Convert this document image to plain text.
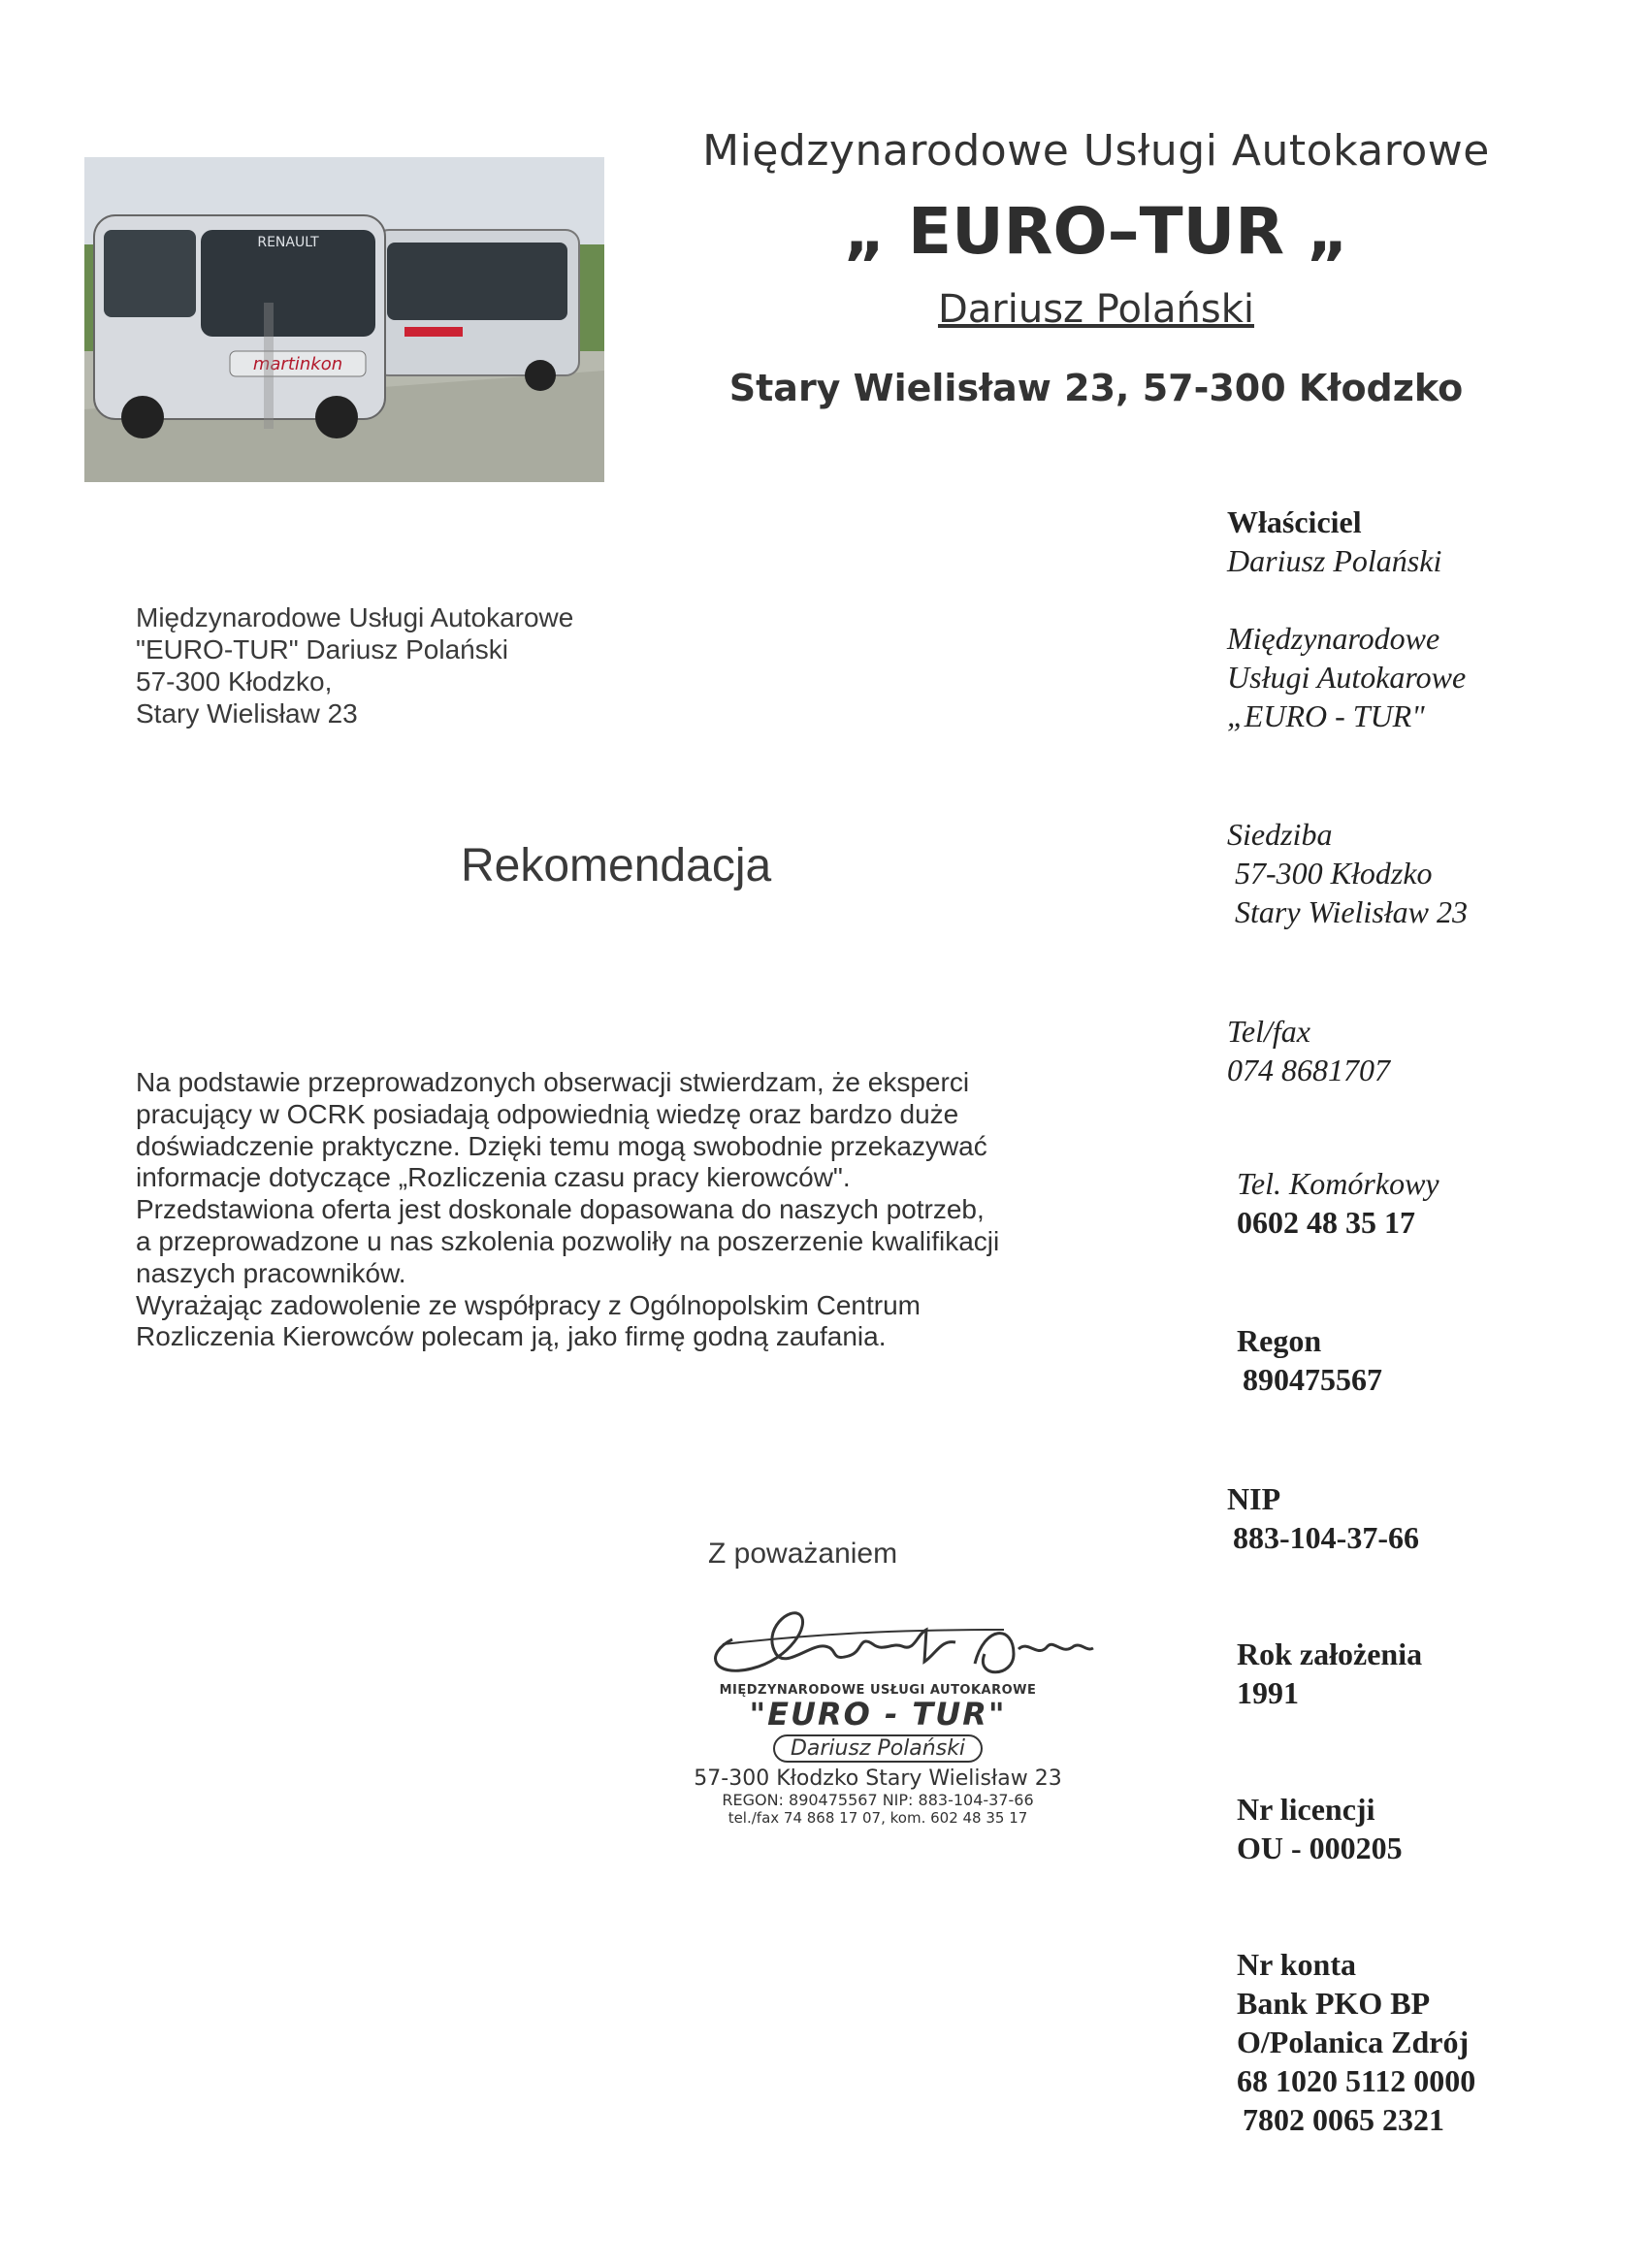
RENAULT
martinkon
Międzynarodowe Usługi Autokarowe
„ EURO–TUR „
Dariusz Polański
Stary Wielisław 23, 57-300 Kłodzko
Międzynarodowe Usługi Autokarowe
"EURO-TUR" Dariusz Polański
57-300 Kłodzko,
Stary Wielisław 23
Rekomendacja
Na podstawie przeprowadzonych obserwacji stwierdzam, że eksperci
pracujący w OCRK posiadają odpowiednią wiedzę oraz bardzo duże
doświadczenie praktyczne. Dzięki temu mogą swobodnie przekazywać
informacje dotyczące „Rozliczenia czasu pracy kierowców".
Przedstawiona oferta jest doskonale dopasowana do naszych potrzeb,
a przeprowadzone u nas szkolenia pozwoliły na poszerzenie kwalifikacji
naszych pracowników.
Wyrażając zadowolenie ze współpracy z Ogólnopolskim Centrum
Rozliczenia Kierowców polecam ją, jako firmę godną zaufania.
Z poważaniem
MIĘDZYNARODOWE USŁUGI AUTOKAROWE
"EURO - TUR"
Dariusz Polański
57-300 Kłodzko Stary Wielisław 23
REGON: 890475567 NIP: 883-104-37-66
tel./fax 74 868 17 07, kom. 602 48 35 17
Właściciel
Dariusz Polański
Międzynarodowe
Usługi Autokarowe
„EURO - TUR"
Siedziba
57-300 Kłodzko
Stary Wielisław 23
Tel/fax
074 8681707
Tel. Komórkowy
0602 48 35 17
Regon
890475567
NIP
883-104-37-66
Rok założenia
1991
Nr licencji
OU - 000205
Nr konta
Bank PKO BP
O/Polanica Zdrój
68 1020 5112 0000
7802 0065 2321
